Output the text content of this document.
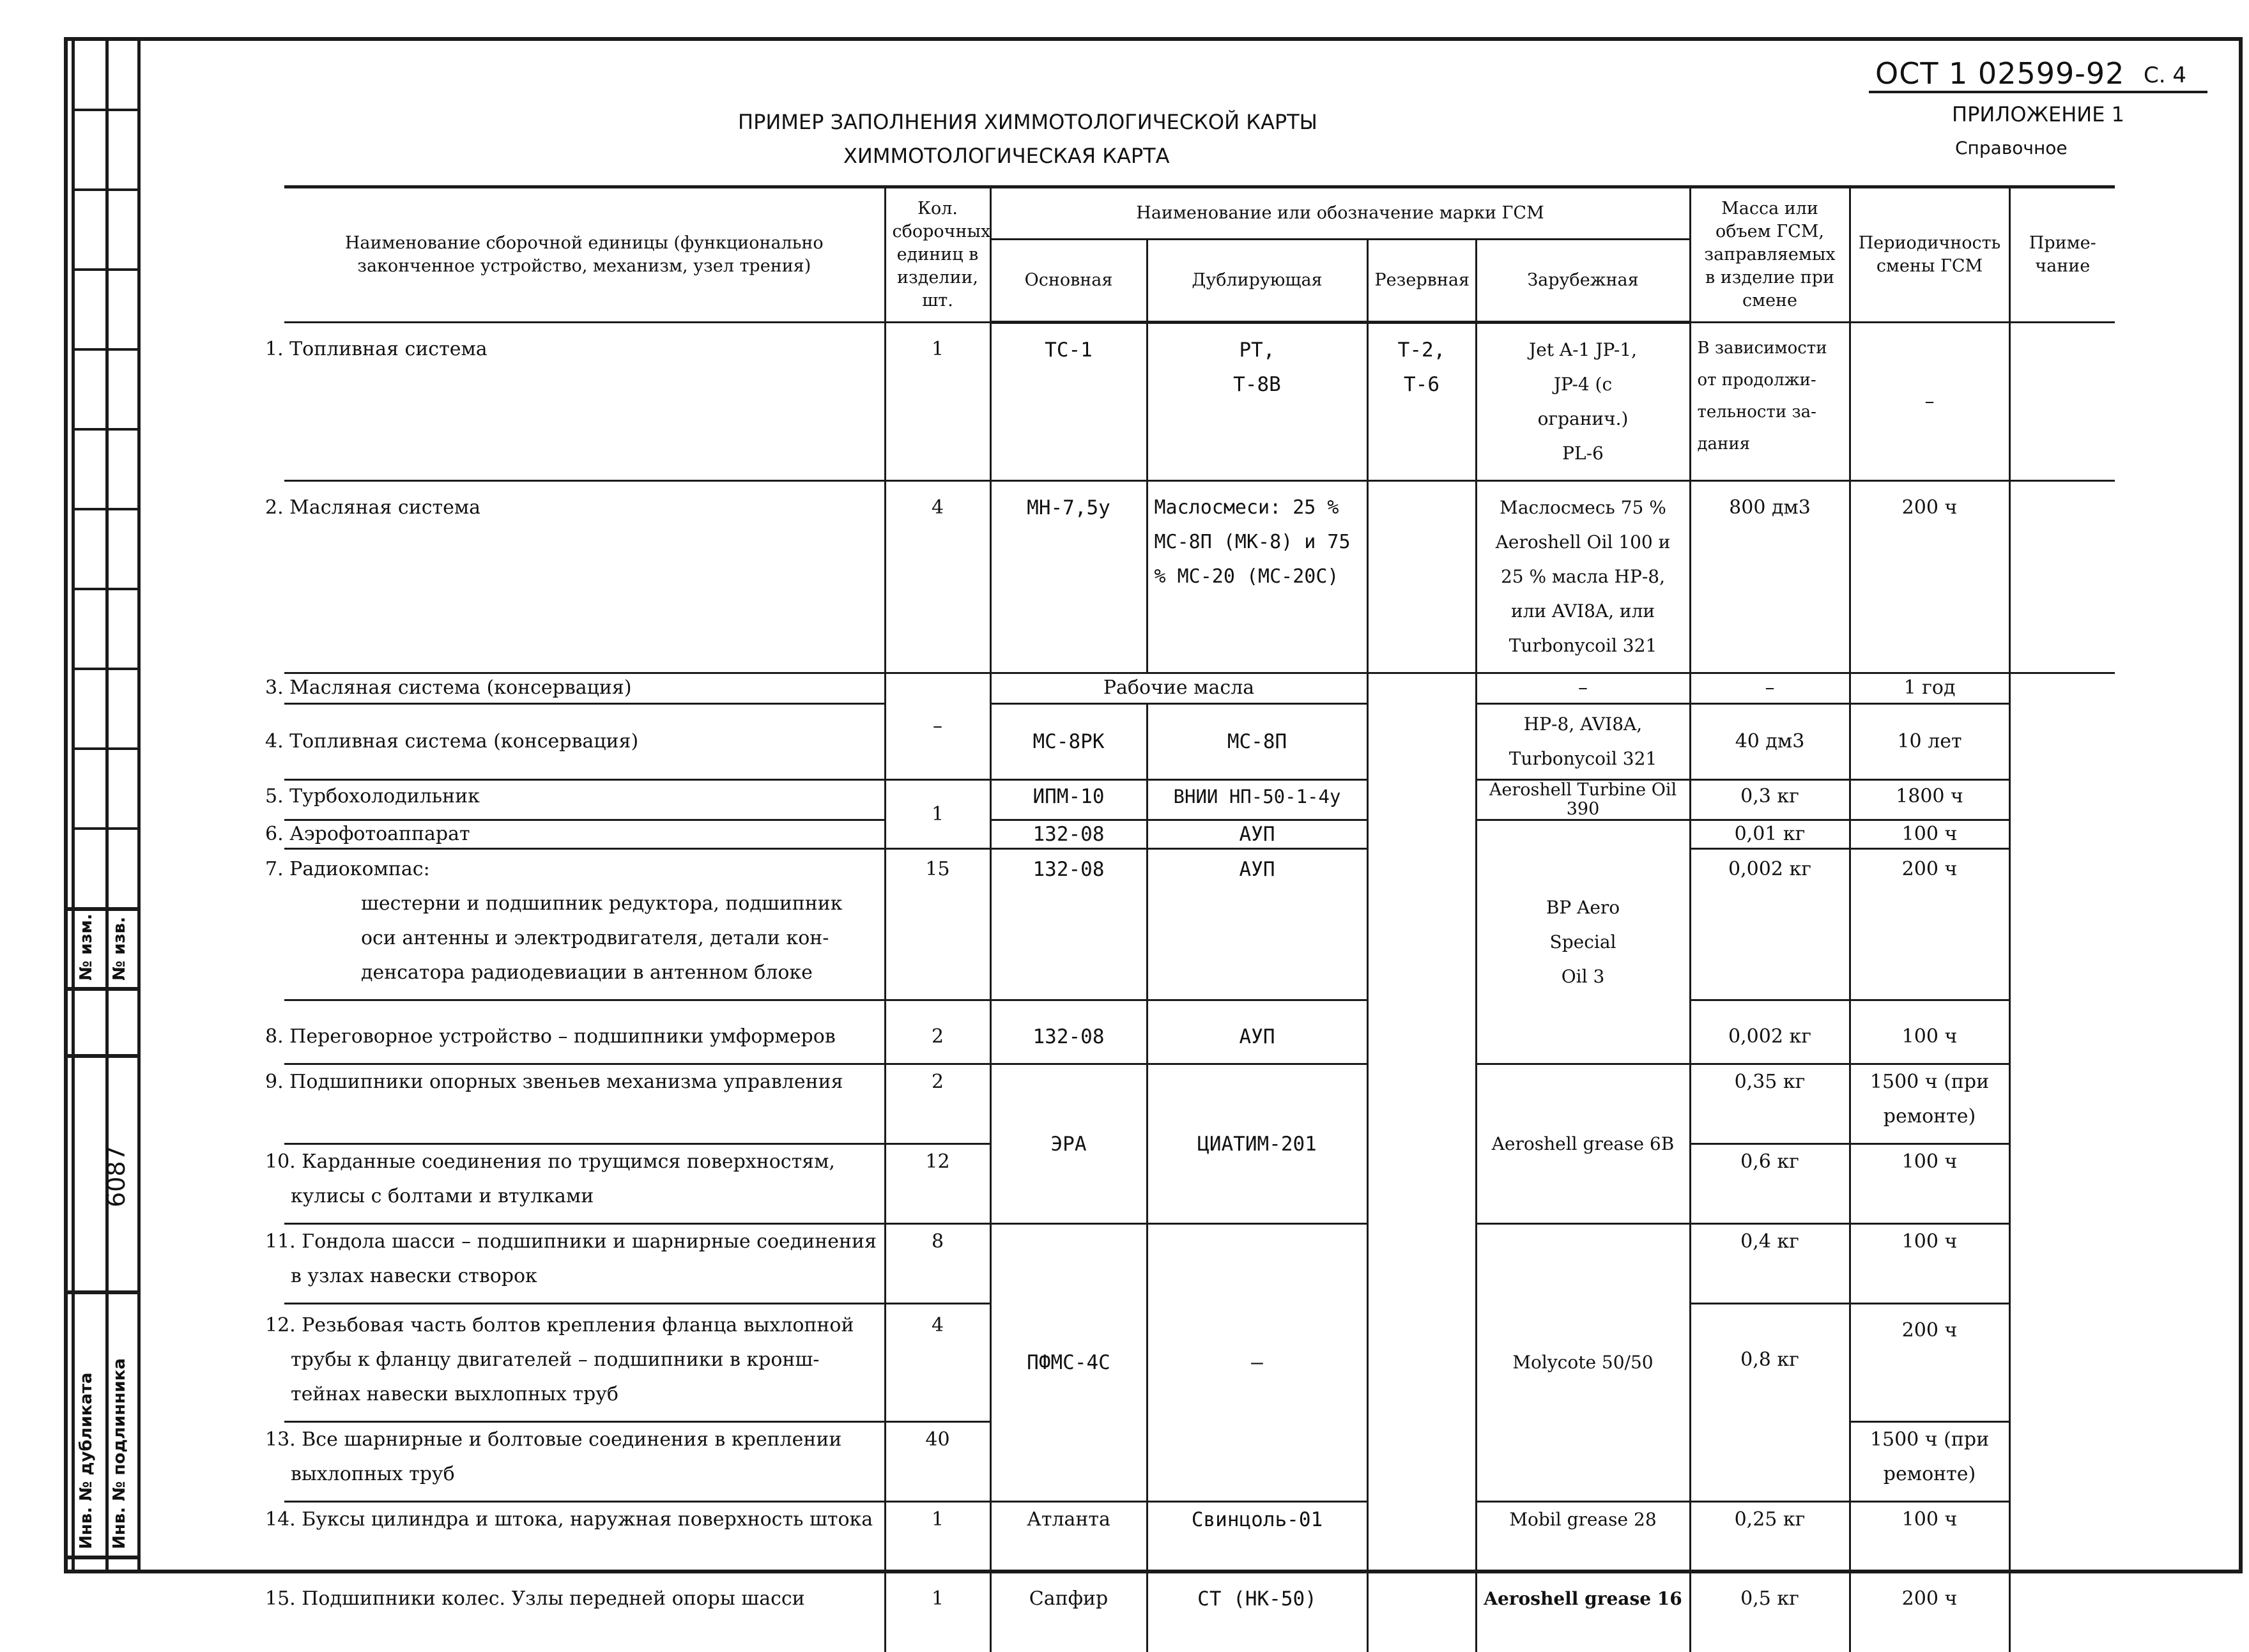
№ изм. № изв.
6087
Инв. № дубликата Инв. № подлинника
ОСТ 1 02599-92 С. 4
ПРИЛОЖЕНИЕ 1
Справочное
ПРИМЕР ЗАПОЛНЕНИЯ ХИММОТОЛОГИЧЕСКОЙ КАРТЫ
ХИММОТОЛОГИЧЕСКАЯ КАРТА
Наименование сборочной единицы (функционально законченное устройство, механизм, узел трения)	Кол. сборочных единиц в изделии, шт.	Наименование или обозначение марки ГСМ				Масса или объем ГСМ, заправляемых в изделие при смене	Периодичность смены ГСМ	Приме- чание
		Основная	Дублирующая	Резервная	Зарубежная			
1. Топливная система	1	ТС-1	РТ, Т-8В	Т-2, Т-6	Jet A-1 JP-1, JP-4 (с огранич.) PL-6	В зависимости от продолжи- тельности за- дания	–	
2. Масляная система	4	МН-7,5у	Маслосмеси: 25 % МС-8П (МК-8) и 75 % МС-20 (МС-20С)		Маслосмесь 75 % Aeroshell Oil 100 и 25 % масла НР-8, или AVI8A, или Turbonycoil 321	800 дм3	200 ч	
3. Масляная система (консервация)	–	Рабочие масла			–	–	1 год	
4. Топливная система (консервация)		МС-8РК	МС-8П		НР-8, AVI8A, Turbonycoil 321	40 дм3	10 лет	
5. Турбохолодильник	1	ИПМ-10	ВНИИ НП-50-1-4у		Aeroshell Turbine Oil 390	0,3 кг	1800 ч	
6. Аэрофотоаппарат		132-08	АУП		BP Aero Special Oil 3	0,01 кг	100 ч	

7. Радиокомпас:
шестерни и подшипник редуктора, подшипник оси антенны и электродвигателя, детали кон- денсатора радиодевиации в антенном блоке	15	132-08	АУП			0,002 кг	200 ч	
8. Переговорное устройство – подшипники умформеров	2	132-08	АУП			0,002 кг	100 ч	
9. Подшипники опорных звеньев механизма управления	2	ЭРА	ЦИАТИМ-201		Aeroshell grease 6B	0,35 кг	1500 ч (при ремонте)	
10. Карданные соединения по трущимся поверхностям, кулисы с болтами и втулками	12					0,6 кг	100 ч	
11. Гондола шасси – подшипники и шарнирные соединения в узлах навески створок	8	ПФМС-4С	–		Molycote 50/50	0,4 кг	100 ч	
12. Резьбовая часть болтов крепления фланца выхлопной трубы к фланцу двигателей – подшипники в кронш- тейнах навески выхлопных труб	4					0,8 кг	200 ч	
13. Все шарнирные и болтовые соединения в креплении выхлопных труб	40						1500 ч (при ремонте)	
14. Буксы цилиндра и штока, наружная поверхность штока	1	Атланта	Свинцоль-01		Mobil grease 28	0,25 кг	100 ч	
15. Подшипники колес. Узлы передней опоры шасси	1	Сапфир	СТ (НК-50)		Aeroshell grease 16	0,5 кг	200 ч	
